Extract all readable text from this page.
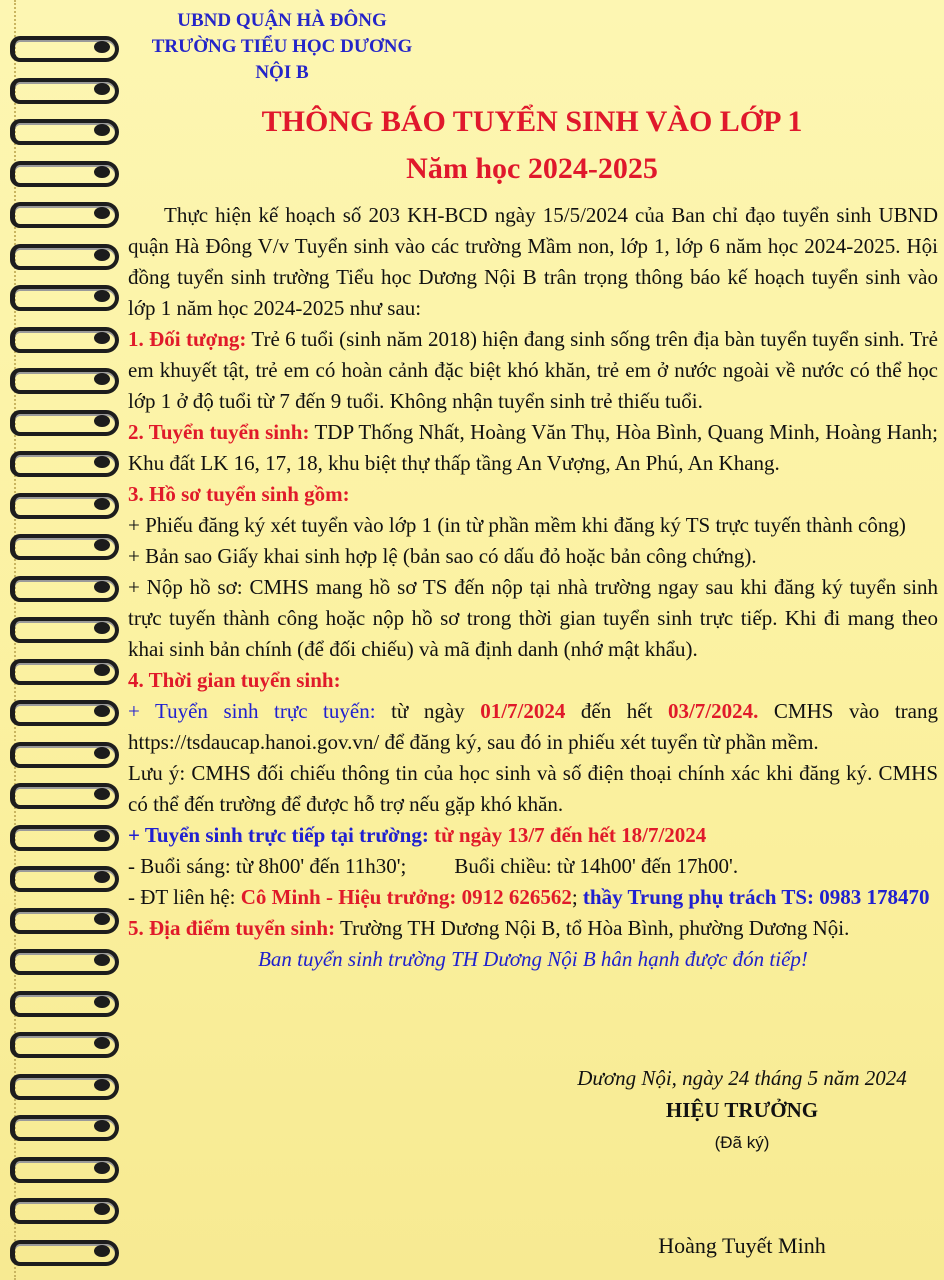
UBND QUẬN HÀ ĐÔNG
TRƯỜNG TIỂU HỌC DƯƠNG NỘI B
THÔNG BÁO TUYỂN SINH VÀO LỚP 1
Năm học 2024-2025

Thực hiện kế hoạch số 203 KH-BCD ngày 15/5/2024 của Ban chỉ đạo tuyển sinh UBND quận Hà Đông V/v Tuyển sinh vào các trường Mầm non, lớp 1, lớp 6 năm học 2024-2025. Hội đồng tuyển sinh trường Tiểu học Dương Nội B trân trọng thông báo kế hoạch tuyển sinh vào lớp 1 năm học 2024-2025 như sau:

1. Đối tượng: Trẻ 6 tuổi (sinh năm 2018) hiện đang sinh sống trên địa bàn tuyển tuyển sinh. Trẻ em khuyết tật, trẻ em có hoàn cảnh đặc biệt khó khăn, trẻ em ở nước ngoài về nước có thể học lớp 1 ở độ tuổi từ 7 đến 9 tuổi. Không nhận tuyển sinh trẻ thiếu tuổi.

2. Tuyển tuyển sinh: TDP Thống Nhất, Hoàng Văn Thụ, Hòa Bình, Quang Minh, Hoàng Hanh; Khu đất LK 16, 17, 18, khu biệt thự thấp tầng An Vượng, An Phú, An Khang.

3. Hồ sơ tuyển sinh gồm:

+ Phiếu đăng ký xét tuyển vào lớp 1 (in từ phần mềm khi đăng ký TS trực tuyến thành công)

+ Bản sao Giấy khai sinh hợp lệ (bản sao có dấu đỏ hoặc bản công chứng).

+ Nộp hồ sơ: CMHS mang hồ sơ TS đến nộp tại nhà trường ngay sau khi đăng ký tuyển sinh trực tuyến thành công hoặc nộp hồ sơ trong thời gian tuyển sinh trực tiếp. Khi đi mang theo khai sinh bản chính (để đối chiếu) và mã định danh (nhớ mật khẩu).

4. Thời gian tuyển sinh:

+ Tuyển sinh trực tuyến: từ ngày 01/7/2024 đến hết 03/7/2024. CMHS vào trang https://tsdaucap.hanoi.gov.vn/ để đăng ký, sau đó in phiếu xét tuyển từ phần mềm.

Lưu ý: CMHS đối chiếu thông tin của học sinh và số điện thoại chính xác khi đăng ký. CMHS có thể đến trường để được hỗ trợ nếu gặp khó khăn.

+ Tuyển sinh trực tiếp tại trường: từ ngày 13/7 đến hết 18/7/2024

- Buổi sáng: từ 8h00' đến 11h30'; Buổi chiều: từ 14h00' đến 17h00'.

- ĐT liên hệ: Cô Minh - Hiệu trưởng: 0912 626562; thầy Trung phụ trách TS: 0983 178470

5. Địa điểm tuyển sinh: Trường TH Dương Nội B, tổ Hòa Bình, phường Dương Nội.

Ban tuyển sinh trường TH Dương Nội B hân hạnh được đón tiếp!

Dương Nội, ngày 24 tháng 5 năm 2024
HIỆU TRƯỞNG
(Đã ký)
Hoàng Tuyết Minh
